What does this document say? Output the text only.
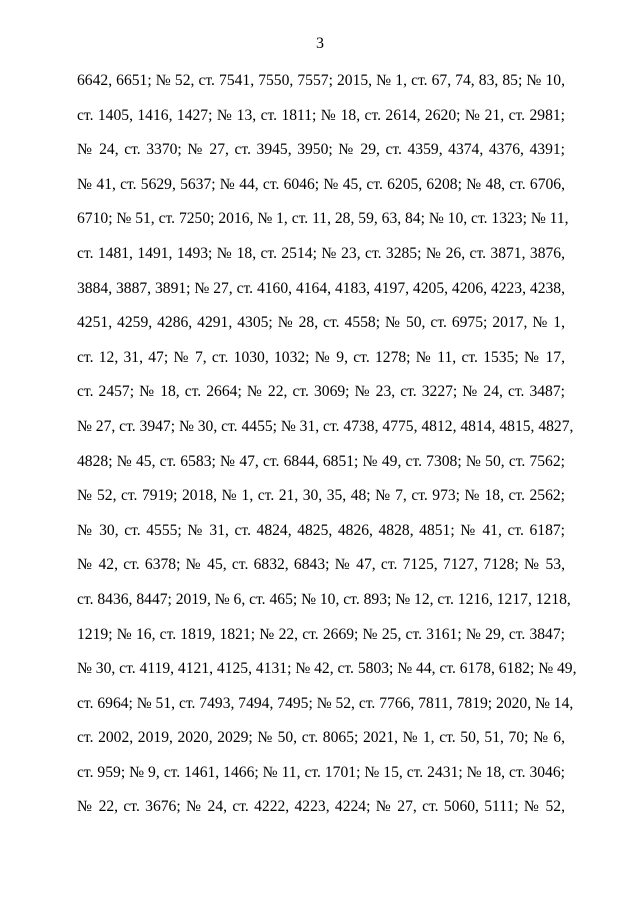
3
6642, 6651; № 52, ст. 7541, 7550, 7557; 2015, № 1, ст. 67, 74, 83, 85; № 10,
ст. 1405, 1416, 1427; № 13, ст. 1811; № 18, ст. 2614, 2620; № 21, ст. 2981;
№ 24, ст. 3370; № 27, ст. 3945, 3950; № 29, ст. 4359, 4374, 4376, 4391;
№ 41, ст. 5629, 5637; № 44, ст. 6046; № 45, ст. 6205, 6208; № 48, ст. 6706,
6710; № 51, ст. 7250; 2016, № 1, ст. 11, 28, 59, 63, 84; № 10, ст. 1323; № 11,
ст. 1481, 1491, 1493; № 18, ст. 2514; № 23, ст. 3285; № 26, ст. 3871, 3876,
3884, 3887, 3891; № 27, ст. 4160, 4164, 4183, 4197, 4205, 4206, 4223, 4238,
4251, 4259, 4286, 4291, 4305; № 28, ст. 4558; № 50, ст. 6975; 2017, № 1,
ст. 12, 31, 47; № 7, ст. 1030, 1032; № 9, ст. 1278; № 11, ст. 1535; № 17,
ст. 2457; № 18, ст. 2664; № 22, ст. 3069; № 23, ст. 3227; № 24, ст. 3487;
№ 27, ст. 3947; № 30, ст. 4455; № 31, ст. 4738, 4775, 4812, 4814, 4815, 4827,
4828; № 45, ст. 6583; № 47, ст. 6844, 6851; № 49, ст. 7308; № 50, ст. 7562;
№ 52, ст. 7919; 2018, № 1, ст. 21, 30, 35, 48; № 7, ст. 973; № 18, ст. 2562;
№ 30, ст. 4555; № 31, ст. 4824, 4825, 4826, 4828, 4851; № 41, ст. 6187;
№ 42, ст. 6378; № 45, ст. 6832, 6843; № 47, ст. 7125, 7127, 7128; № 53,
ст. 8436, 8447; 2019, № 6, ст. 465; № 10, ст. 893; № 12, ст. 1216, 1217, 1218,
1219; № 16, ст. 1819, 1821; № 22, ст. 2669; № 25, ст. 3161; № 29, ст. 3847;
№ 30, ст. 4119, 4121, 4125, 4131; № 42, ст. 5803; № 44, ст. 6178, 6182; № 49,
ст. 6964; № 51, ст. 7493, 7494, 7495; № 52, ст. 7766, 7811, 7819; 2020, № 14,
ст. 2002, 2019, 2020, 2029; № 50, ст. 8065; 2021, № 1, ст. 50, 51, 70; № 6,
ст. 959; № 9, ст. 1461, 1466; № 11, ст. 1701; № 15, ст. 2431; № 18, ст. 3046;
№ 22, ст. 3676; № 24, ст. 4222, 4223, 4224; № 27, ст. 5060, 5111; № 52,
